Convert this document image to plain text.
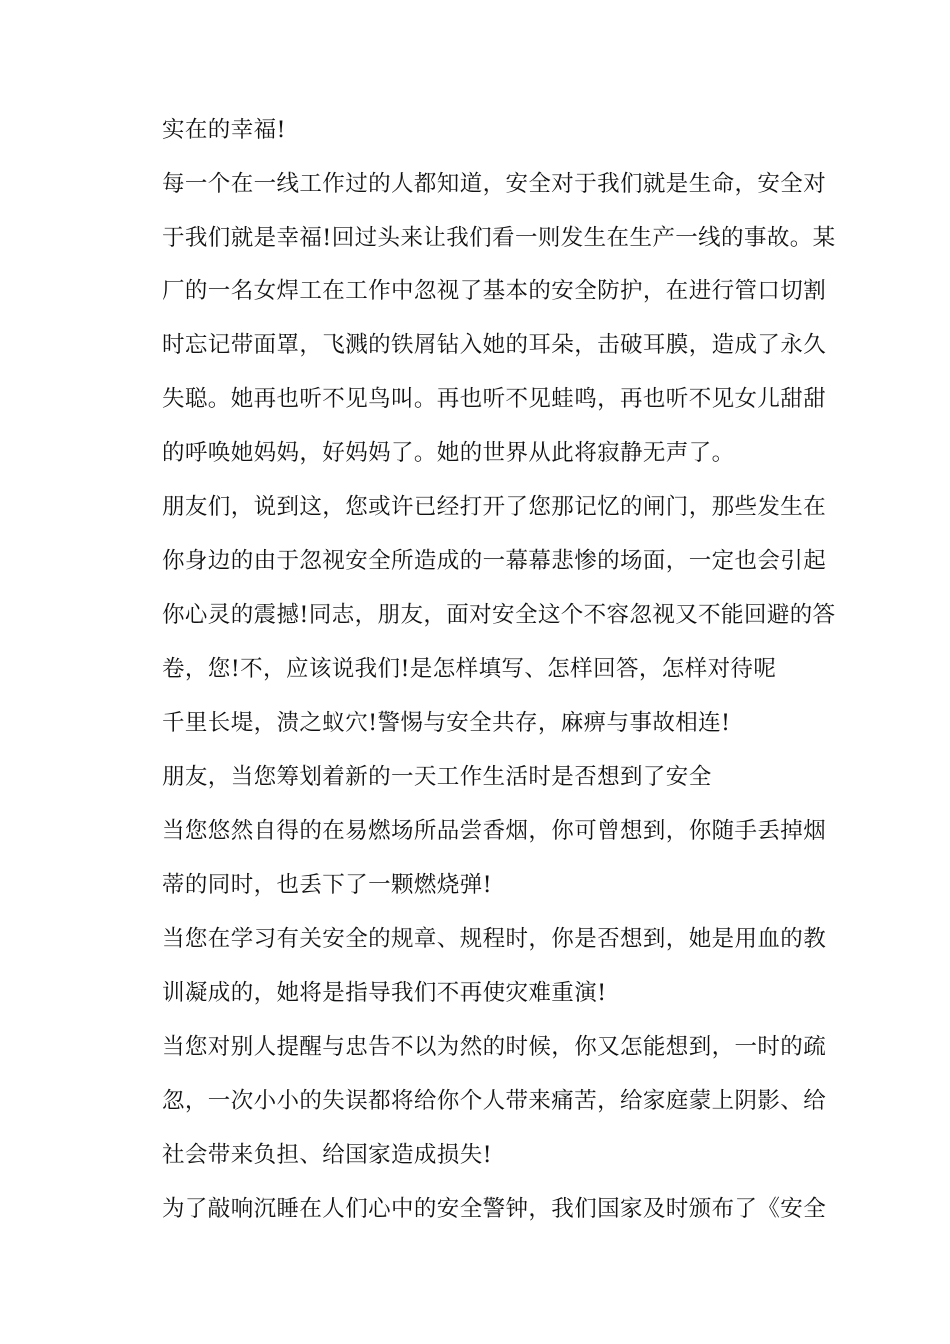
实在的幸福!
每一个在一线工作过的人都知道，安全对于我们就是生命，安全对
于我们就是幸福!回过头来让我们看一则发生在生产一线的事故。某
厂的一名女焊工在工作中忽视了基本的安全防护，在进行管口切割
时忘记带面罩，飞溅的铁屑钻入她的耳朵，击破耳膜，造成了永久
失聪。她再也听不见鸟叫。再也听不见蛙鸣，再也听不见女儿甜甜
的呼唤她妈妈，好妈妈了。她的世界从此将寂静无声了。
朋友们，说到这，您或许已经打开了您那记忆的闸门，那些发生在
你身边的由于忽视安全所造成的一幕幕悲惨的场面，一定也会引起
你心灵的震撼!同志，朋友，面对安全这个不容忽视又不能回避的答
卷，您!不，应该说我们!是怎样填写、怎样回答，怎样对待呢
千里长堤，溃之蚁穴!警惕与安全共存，麻痹与事故相连!
朋友，当您筹划着新的一天工作生活时是否想到了安全
当您悠然自得的在易燃场所品尝香烟，你可曾想到，你随手丢掉烟
蒂的同时，也丢下了一颗燃烧弹!
当您在学习有关安全的规章、规程时，你是否想到，她是用血的教
训凝成的，她将是指导我们不再使灾难重演!
当您对别人提醒与忠告不以为然的时候，你又怎能想到，一时的疏
忽，一次小小的失误都将给你个人带来痛苦，给家庭蒙上阴影、给
社会带来负担、给国家造成损失!
为了敲响沉睡在人们心中的安全警钟，我们国家及时颁布了《安全
